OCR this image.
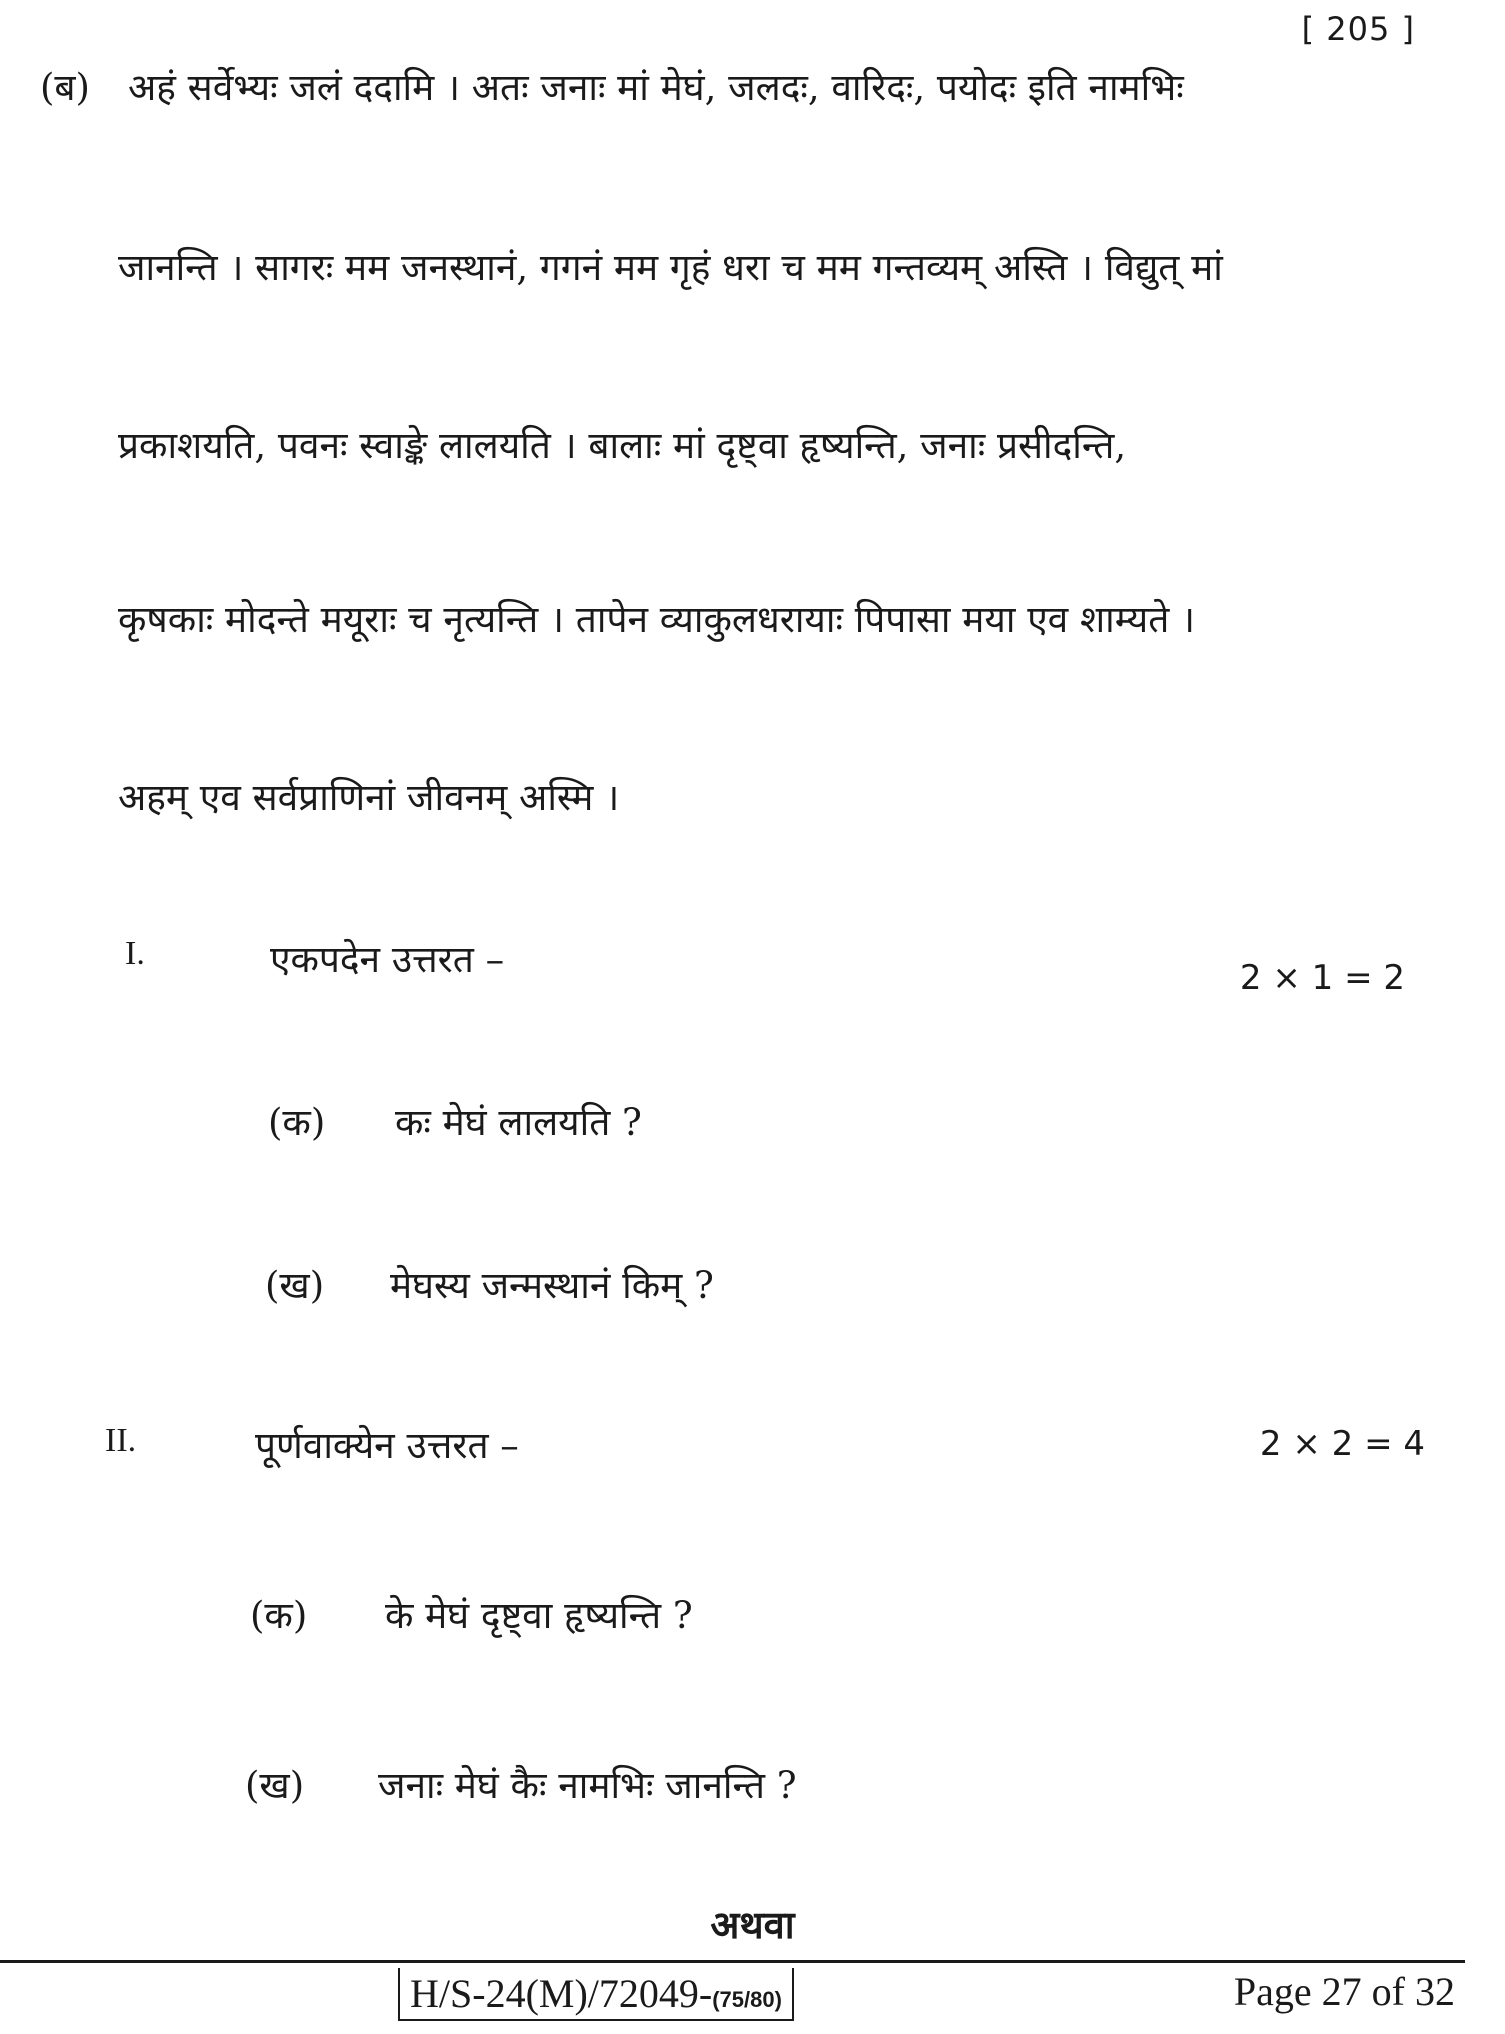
[ 205 ]
(ब) अहं सर्वेभ्यः जलं ददामि । अतः जनाः मां मेघं, जलदः, वारिदः, पयोदः इति नामभिः
जानन्ति । सागरः मम जनस्थानं, गगनं मम गृहं धरा च मम गन्तव्यम् अस्ति । विद्युत् मां
प्रकाशयति, पवनः स्वाङ्के लालयति । बालाः मां दृष्ट्वा हृष्यन्ति, जनाः प्रसीदन्ति,
कृषकाः मोदन्ते मयूराः च नृत्यन्ति । तापेन व्याकुलधरायाः पिपासा मया एव शाम्यते ।
अहम् एव सर्वप्राणिनां जीवनम् अस्मि ।
I.	एकपदेन उत्तरत –	2 × 1 = 2
(क) कः मेघं लालयति ?
(ख) मेघस्य जन्मस्थानं किम् ?
II.	पूर्णवाक्येन उत्तरत –	2 × 2 = 4
(क) के मेघं दृष्ट्वा हृष्यन्ति ?
(ख) जनाः मेघं कैः नामभिः जानन्ति ?
अथवा
H/S-24(M)/72049-(75/80)	Page 27 of 32
